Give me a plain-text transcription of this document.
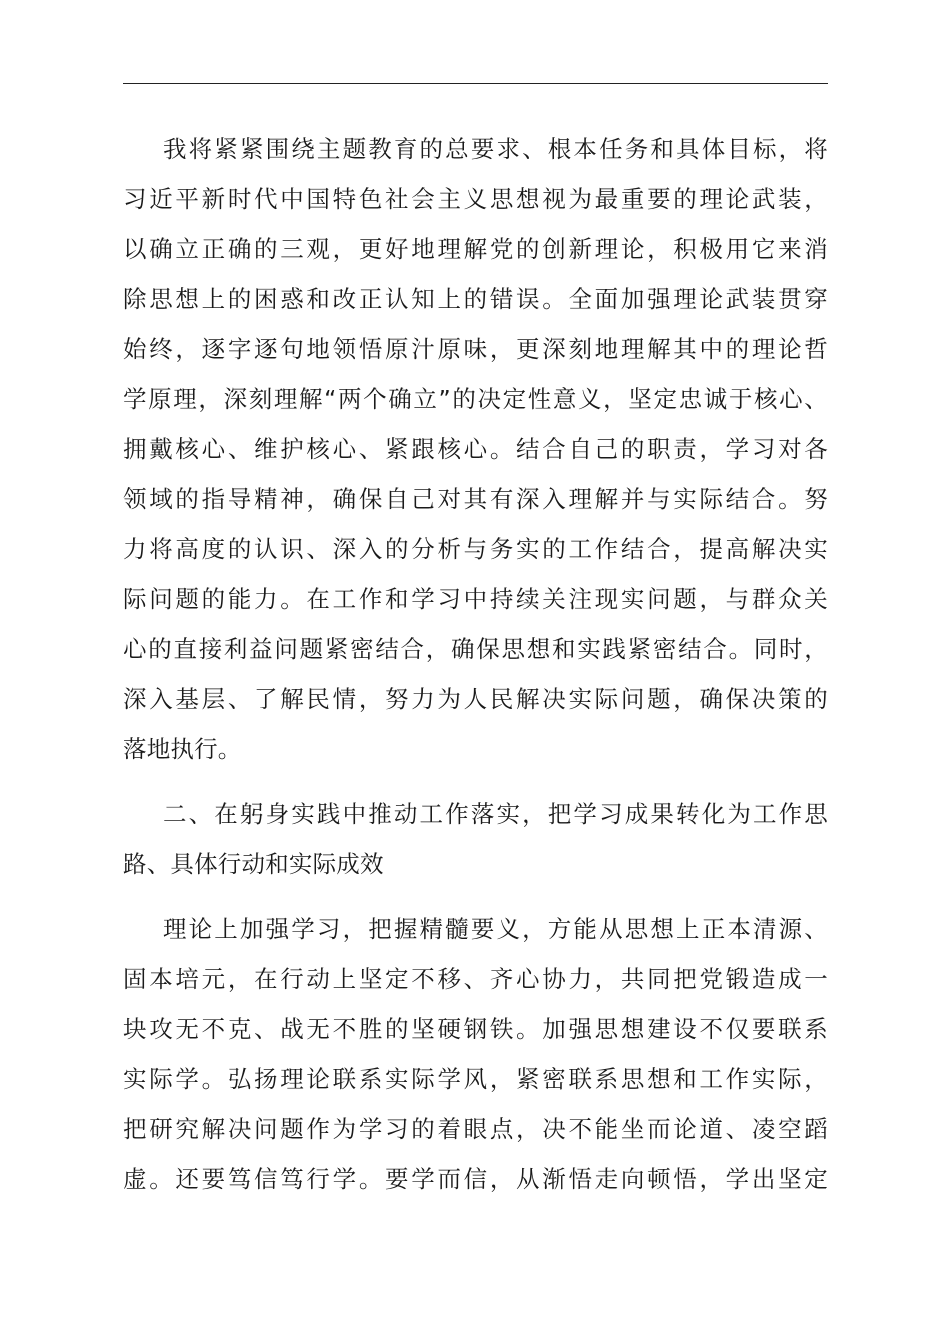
我将紧紧围绕主题教育的总要求、根本任务和具体目标，将
习近平新时代中国特色社会主义思想视为最重要的理论武装，
以确立正确的三观，更好地理解党的创新理论，积极用它来消
除思想上的困惑和改正认知上的错误。全面加强理论武装贯穿
始终，逐字逐句地领悟原汁原味，更深刻地理解其中的理论哲
学原理，深刻理解“两个确立”的决定性意义，坚定忠诚于核心、
拥戴核心、维护核心、紧跟核心。结合自己的职责，学习对各
领域的指导精神，确保自己对其有深入理解并与实际结合。努
力将高度的认识、深入的分析与务实的工作结合，提高解决实
际问题的能力。在工作和学习中持续关注现实问题，与群众关
心的直接利益问题紧密结合，确保思想和实践紧密结合。同时，
深入基层、了解民情，努力为人民解决实际问题，确保决策的
落地执行。
二、在躬身实践中推动工作落实，把学习成果转化为工作思
路、具体行动和实际成效
理论上加强学习，把握精髓要义，方能从思想上正本清源、
固本培元，在行动上坚定不移、齐心协力，共同把党锻造成一
块攻无不克、战无不胜的坚硬钢铁。加强思想建设不仅要联系
实际学。弘扬理论联系实际学风，紧密联系思想和工作实际，
把研究解决问题作为学习的着眼点，决不能坐而论道、凌空蹈
虚。还要笃信笃行学。要学而信，从渐悟走向顿悟，学出坚定
